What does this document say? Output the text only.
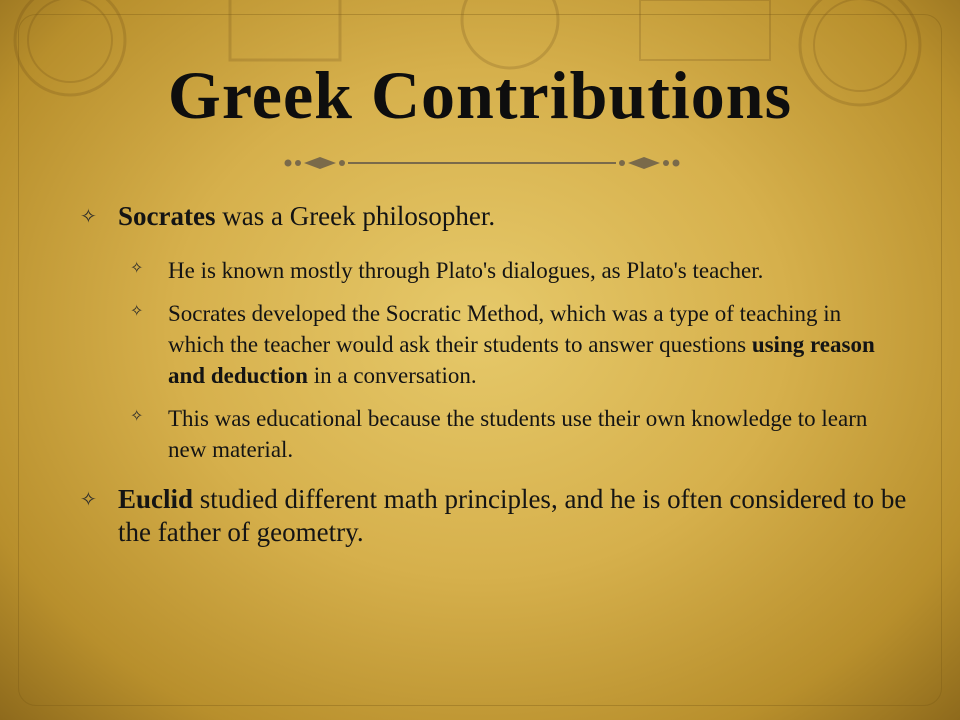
Greek Contributions
✧ Socrates was a Greek philosopher.
✧	He is known mostly through Plato's dialogues, as Plato's teacher.
✧	Socrates developed the Socratic Method, which was a type of teaching in which the teacher would ask their students to answer questions using reason and deduction in a conversation.
✧	This was educational because the students use their own knowledge to learn new material.
✧ Euclid studied different math principles, and he is often considered to be the father of geometry.
